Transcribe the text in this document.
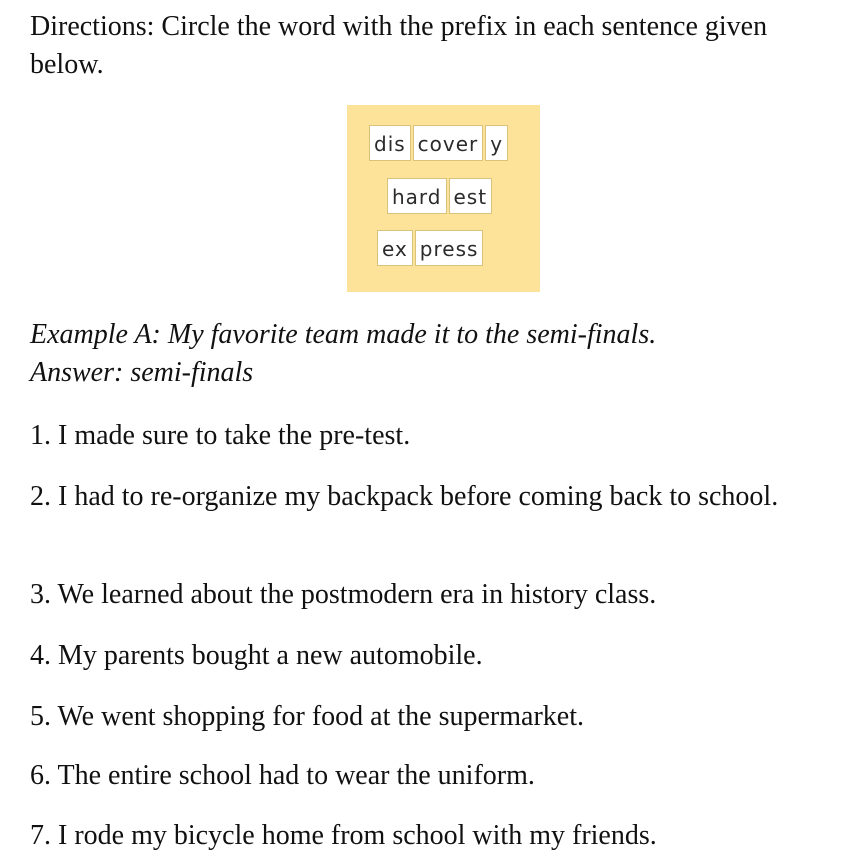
Directions: Circle the word with the prefix in each sentence given below.

dis cover y
hard est
ex press
Example A: My favorite team made it to the semi-finals.
Answer: semi-finals

1. I made sure to take the pre-test.

2. I had to re-organize my backpack before coming back to school.

3. We learned about the postmodern era in history class.

4. My parents bought a new automobile.

5. We went shopping for food at the supermarket.

6. The entire school had to wear the uniform.

7. I rode my bicycle home from school with my friends.
